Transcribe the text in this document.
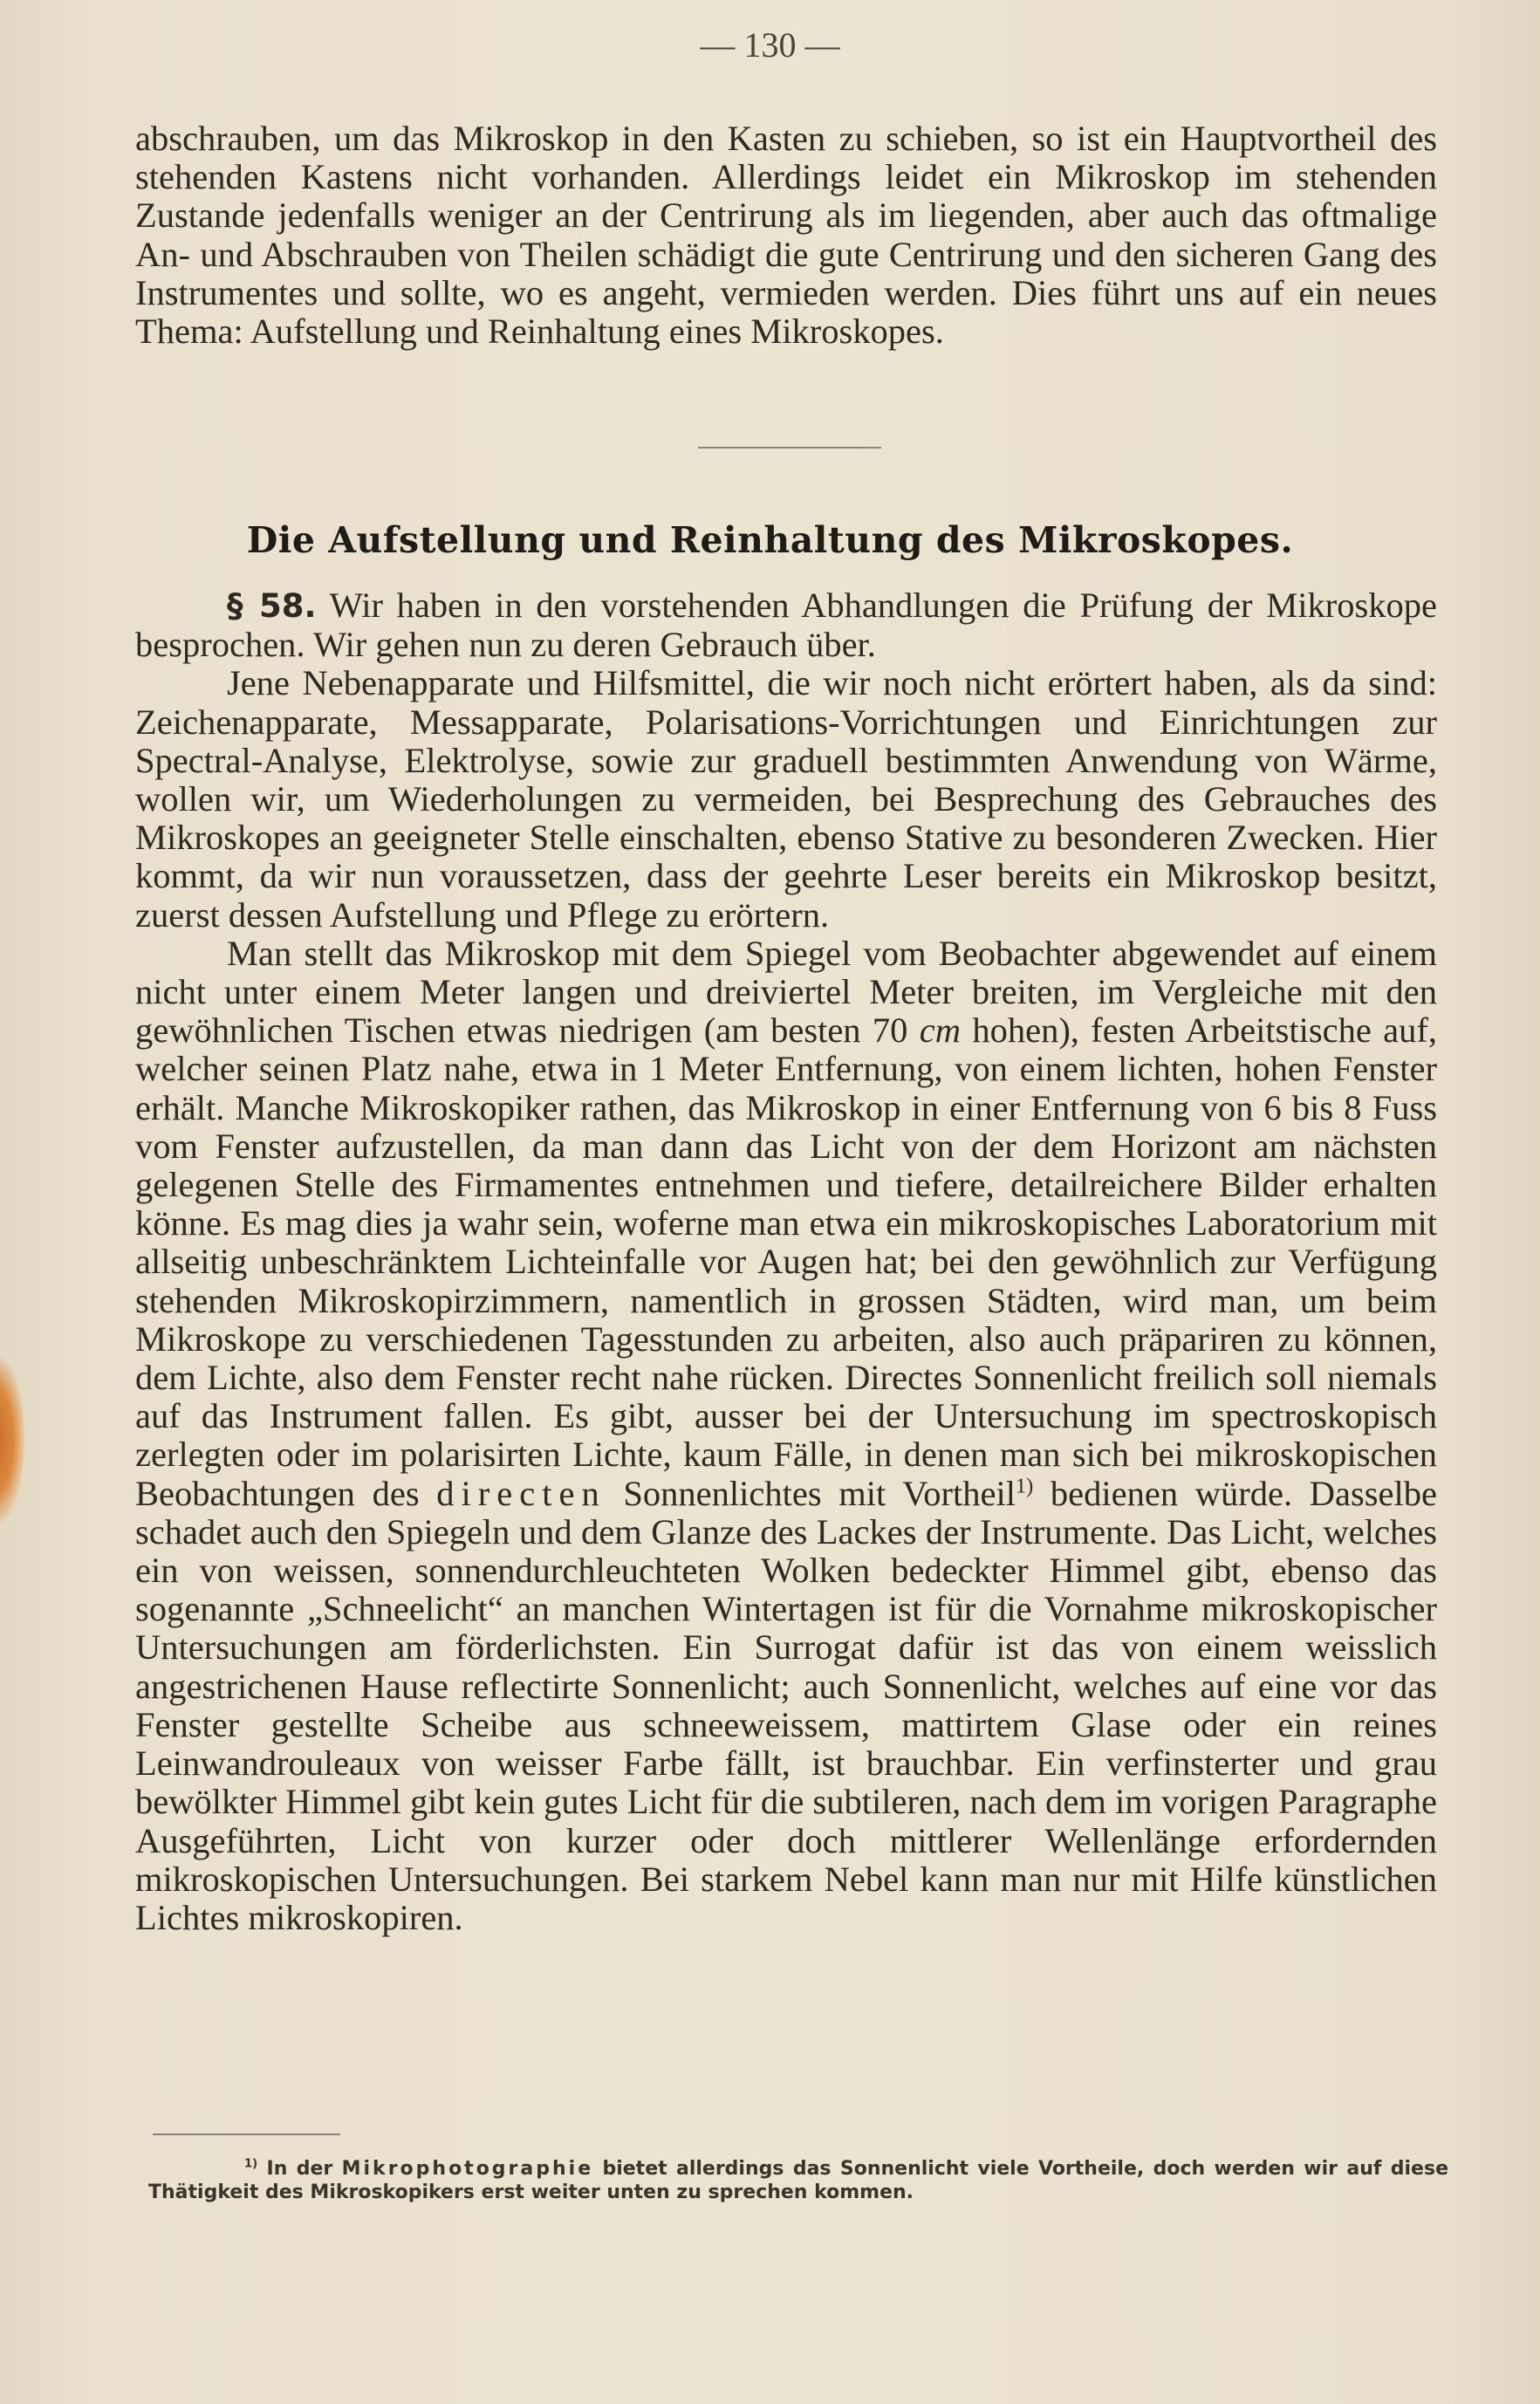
— 130 —

abschrauben, um das Mikroskop in den Kasten zu schieben, so ist ein Hauptvortheil des stehenden Kastens nicht vorhanden. Allerdings leidet ein Mikroskop im stehenden Zustande jedenfalls weniger an der Centrirung als im liegenden, aber auch das oftmalige An- und Abschrauben von Theilen schädigt die gute Centrirung und den sicheren Gang des Instrumentes und sollte, wo es angeht, vermieden werden. Dies führt uns auf ein neues Thema: Aufstellung und Reinhaltung eines Mikroskopes.

Die Aufstellung und Reinhaltung des Mikroskopes.

§ 58. Wir haben in den vorstehenden Abhandlungen die Prüfung der Mikroskope besprochen. Wir gehen nun zu deren Gebrauch über.

Jene Nebenapparate und Hilfsmittel, die wir noch nicht erörtert haben, als da sind: Zeichenapparate, Messapparate, Polarisations-Vorrichtungen und Einrichtungen zur Spectral-Analyse, Elektrolyse, sowie zur graduell bestimmten Anwendung von Wärme, wollen wir, um Wiederholungen zu vermeiden, bei Besprechung des Gebrauches des Mikroskopes an geeigneter Stelle einschalten, ebenso Stative zu besonderen Zwecken. Hier kommt, da wir nun voraussetzen, dass der geehrte Leser bereits ein Mikroskop besitzt, zuerst dessen Aufstellung und Pflege zu erörtern.

Man stellt das Mikroskop mit dem Spiegel vom Beobachter abgewendet auf einem nicht unter einem Meter langen und dreiviertel Meter breiten, im Vergleiche mit den gewöhnlichen Tischen etwas niedrigen (am besten 70 cm hohen), festen Arbeitstische auf, welcher seinen Platz nahe, etwa in 1 Meter Entfernung, von einem lichten, hohen Fenster erhält. Manche Mikroskopiker rathen, das Mikroskop in einer Entfernung von 6 bis 8 Fuss vom Fenster aufzustellen, da man dann das Licht von der dem Horizont am nächsten gelegenen Stelle des Firmamentes entnehmen und tiefere, detailreichere Bilder erhalten könne. Es mag dies ja wahr sein, woferne man etwa ein mikroskopisches Laboratorium mit allseitig unbeschränktem Lichteinfalle vor Augen hat; bei den gewöhnlich zur Verfügung stehenden Mikroskopirzimmern, namentlich in grossen Städten, wird man, um beim Mikroskope zu verschiedenen Tagesstunden zu arbeiten, also auch präpariren zu können, dem Lichte, also dem Fenster recht nahe rücken. Directes Sonnenlicht freilich soll niemals auf das Instrument fallen. Es gibt, ausser bei der Untersuchung im spectroskopisch zerlegten oder im polarisirten Lichte, kaum Fälle, in denen man sich bei mikroskopischen Beobachtungen des directen Sonnenlichtes mit Vortheil$^{1)}$ bedienen würde. Dasselbe schadet auch den Spiegeln und dem Glanze des Lackes der Instrumente. Das Licht, welches ein von weissen, sonnendurchleuchteten Wolken bedeckter Himmel gibt, ebenso das sogenannte „Schneelicht“ an manchen Wintertagen ist für die Vornahme mikroskopischer Untersuchungen am förderlichsten. Ein Surrogat dafür ist das von einem weisslich angestrichenen Hause reflectirte Sonnenlicht; auch Sonnenlicht, welches auf eine vor das Fenster gestellte Scheibe aus schneeweissem, mattirtem Glase oder ein reines Leinwandrouleaux von weisser Farbe fällt, ist brauchbar. Ein verfinsterter und grau bewölkter Himmel gibt kein gutes Licht für die subtileren, nach dem im vorigen Paragraphe Ausgeführten, Licht von kurzer oder doch mittlerer Wellenlänge erfordernden mikroskopischen Untersuchungen. Bei starkem Nebel kann man nur mit Hilfe künstlichen Lichtes mikroskopiren.

$^{1)}$ In der Mikrophotographie bietet allerdings das Sonnenlicht viele Vortheile, doch werden wir auf diese Thätigkeit des Mikroskopikers erst weiter unten zu sprechen kommen.
